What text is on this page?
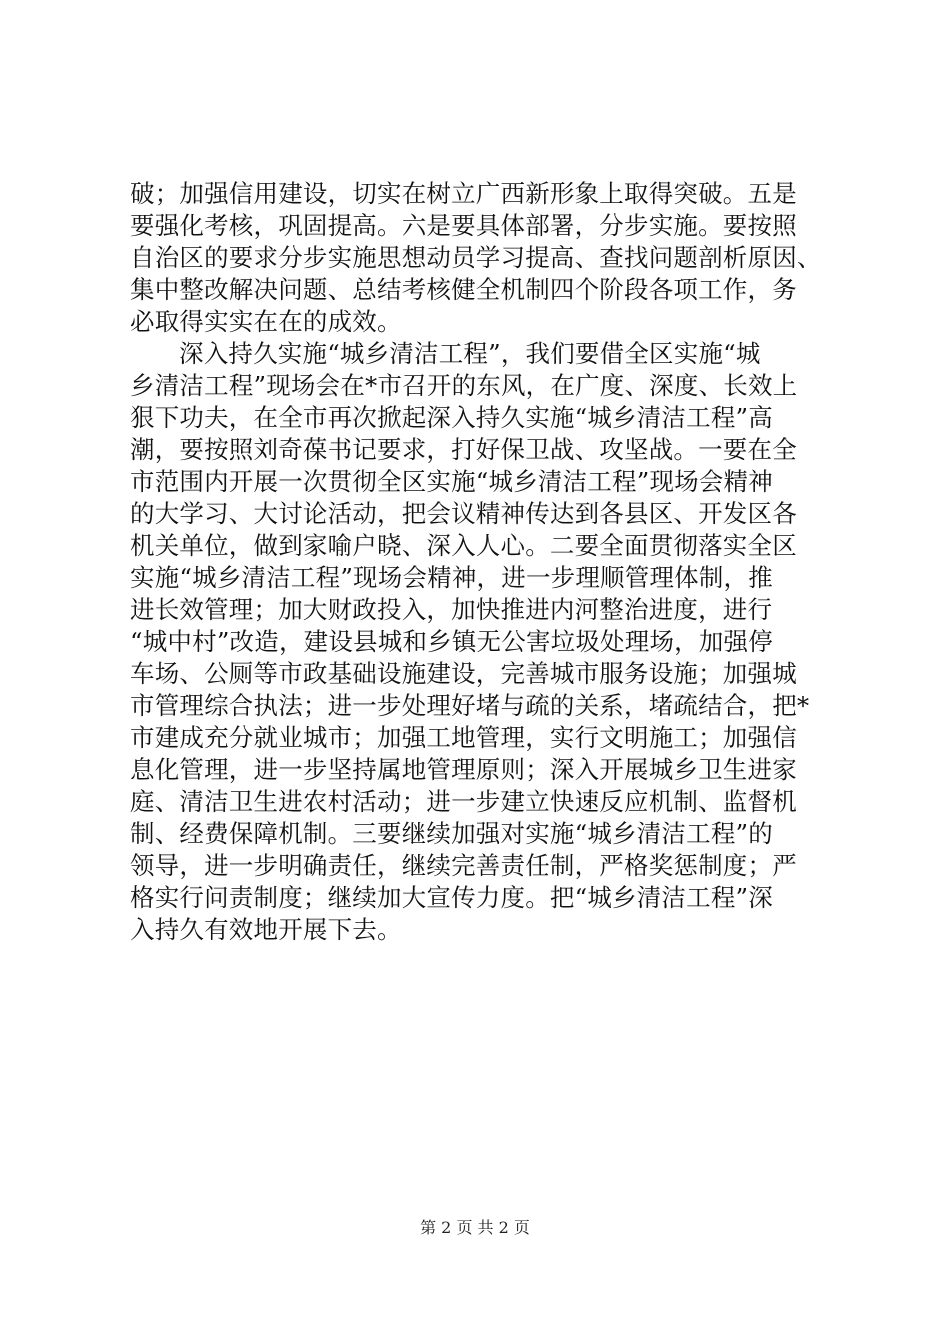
破；加强信用建设，切实在树立广西新形象上取得突破。五是
要强化考核，巩固提高。六是要具体部署，分步实施。要按照
自治区的要求分步实施思想动员学习提高、查找问题剖析原因、
集中整改解决问题、总结考核健全机制四个阶段各项工作，务
必取得实实在在的成效。
深入持久实施“城乡清洁工程”，我们要借全区实施“城
乡清洁工程”现场会在*市召开的东风，在广度、深度、长效上
狠下功夫，在全市再次掀起深入持久实施“城乡清洁工程”高
潮，要按照刘奇葆书记要求，打好保卫战、攻坚战。一要在全
市范围内开展一次贯彻全区实施“城乡清洁工程”现场会精神
的大学习、大讨论活动，把会议精神传达到各县区、开发区各
机关单位，做到家喻户晓、深入人心。二要全面贯彻落实全区
实施“城乡清洁工程”现场会精神，进一步理顺管理体制，推
进长效管理；加大财政投入，加快推进内河整治进度，进行
“城中村”改造，建设县城和乡镇无公害垃圾处理场，加强停
车场、公厕等市政基础设施建设，完善城市服务设施；加强城
市管理综合执法；进一步处理好堵与疏的关系，堵疏结合，把*
市建成充分就业城市；加强工地管理，实行文明施工；加强信
息化管理，进一步坚持属地管理原则；深入开展城乡卫生进家
庭、清洁卫生进农村活动；进一步建立快速反应机制、监督机
制、经费保障机制。三要继续加强对实施“城乡清洁工程”的
领导，进一步明确责任，继续完善责任制，严格奖惩制度；严
格实行问责制度；继续加大宣传力度。把“城乡清洁工程”深
入持久有效地开展下去。
第 2 页 共 2 页
